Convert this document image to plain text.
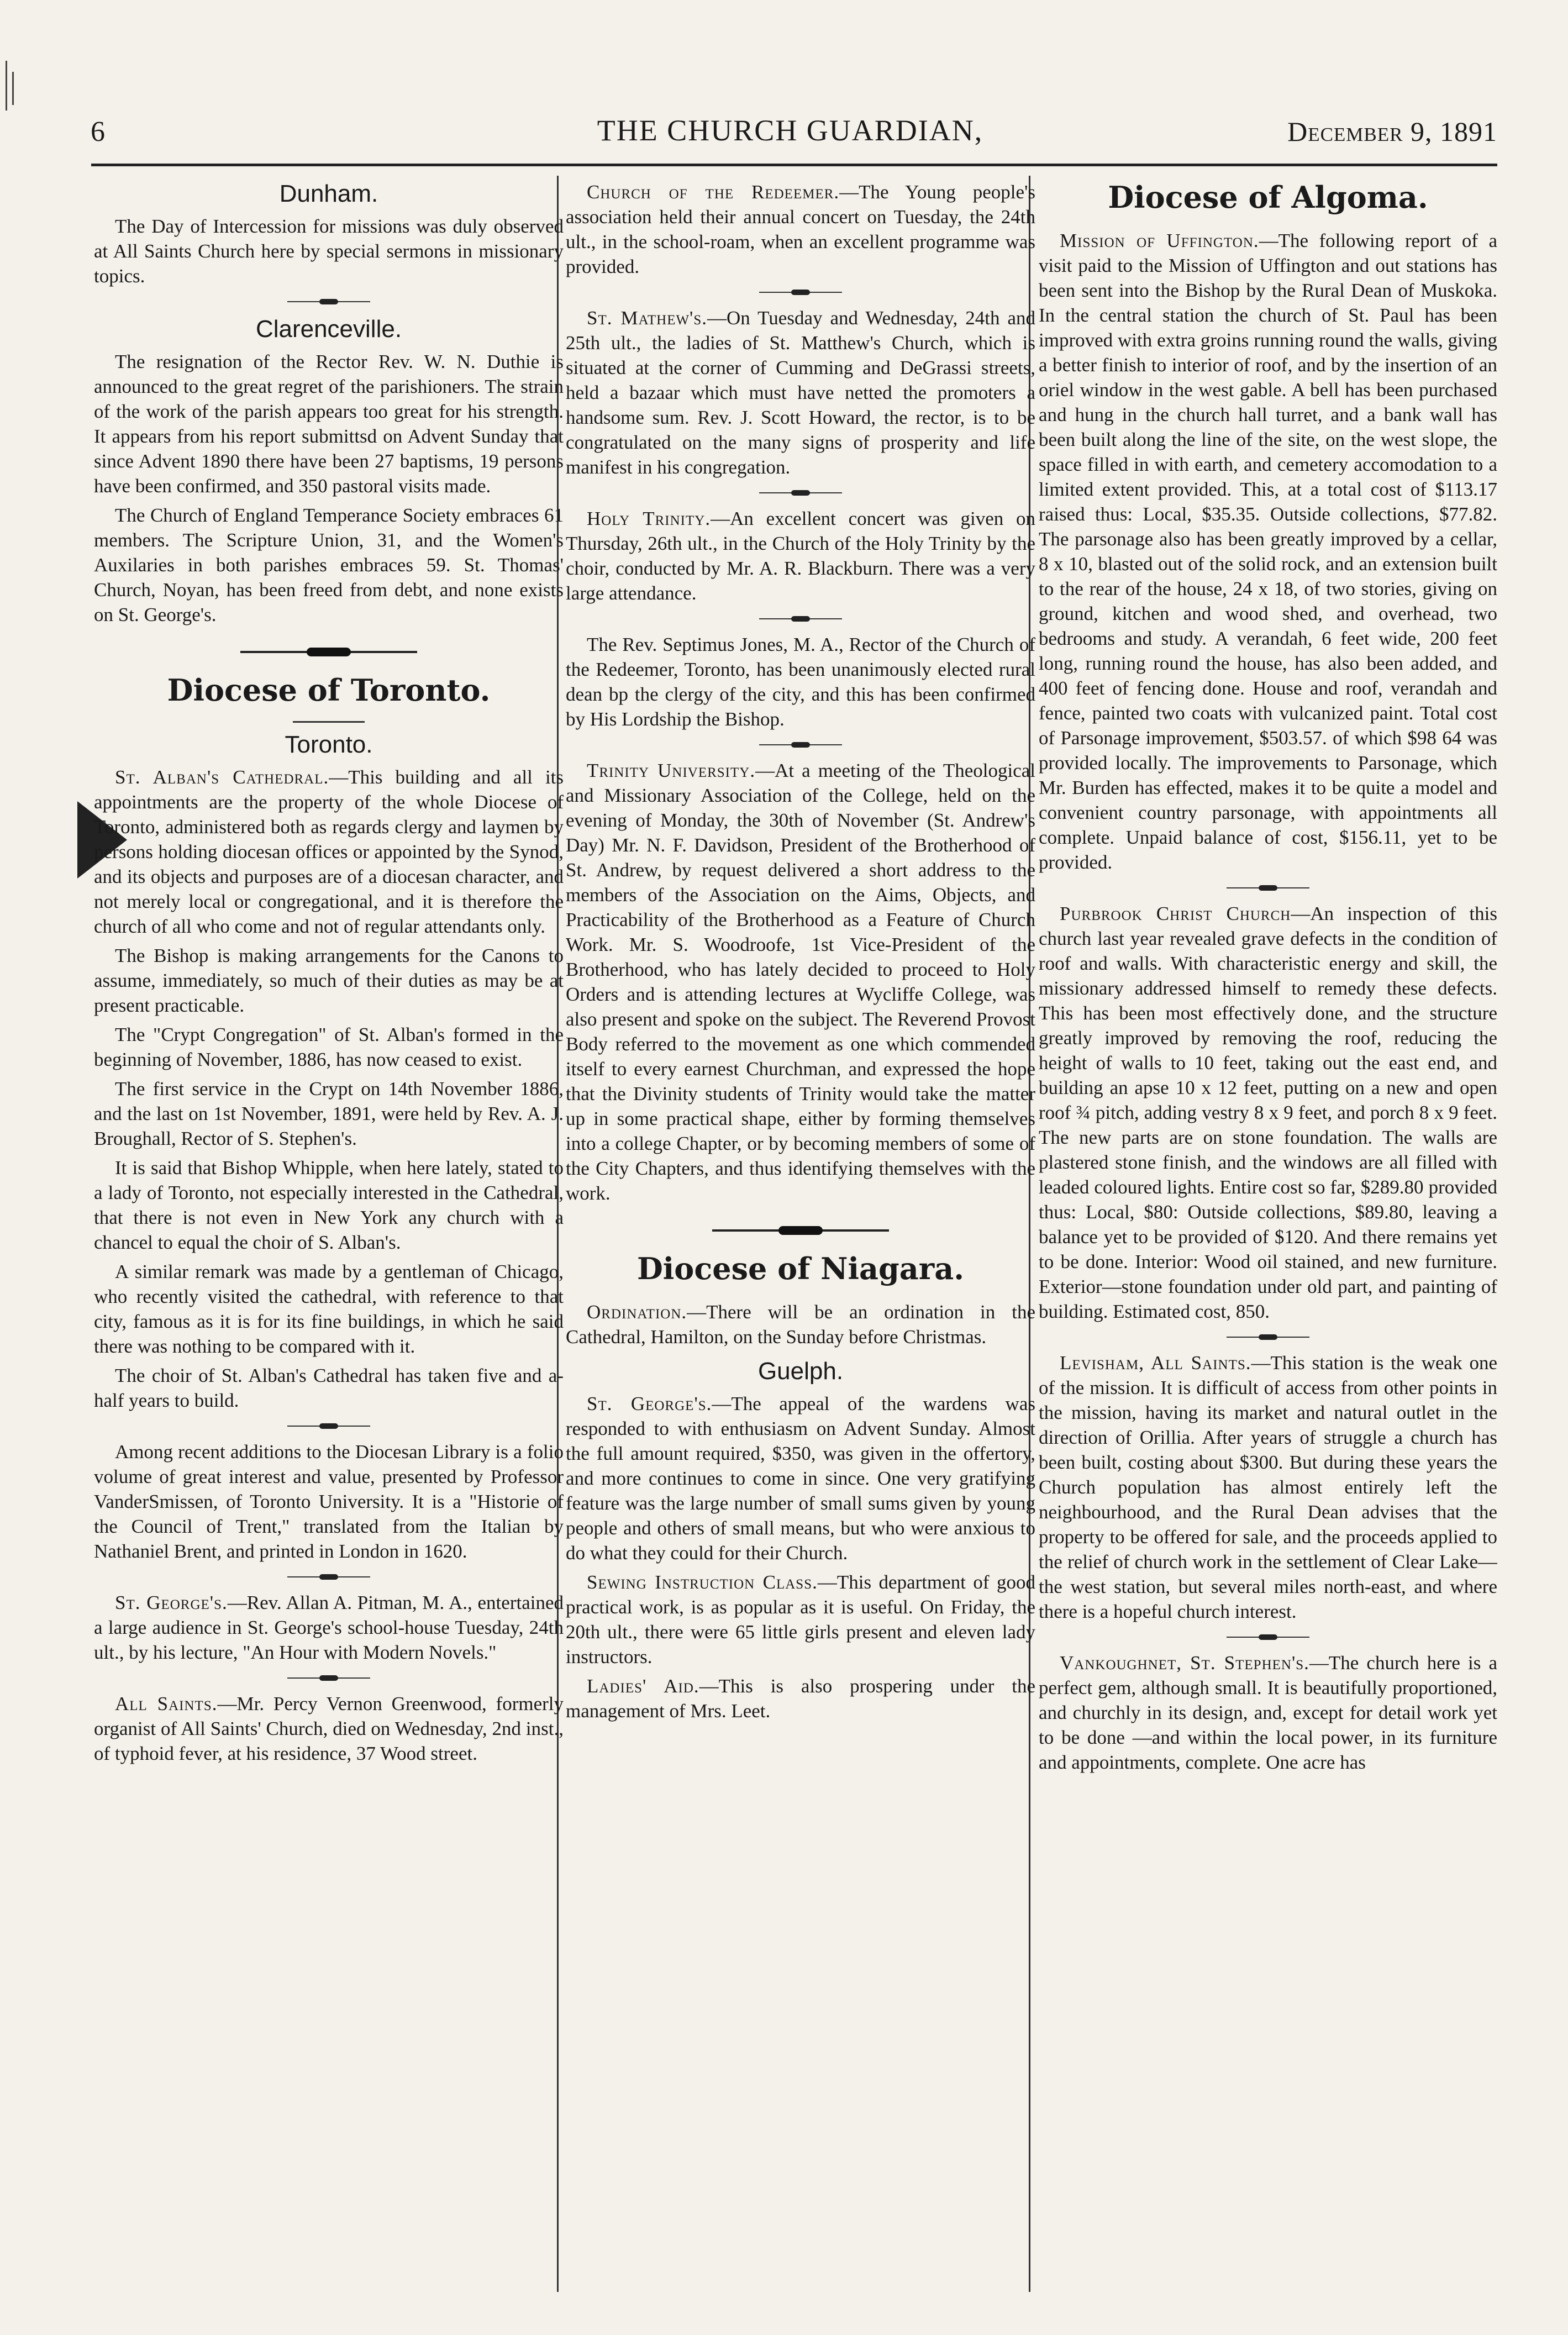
6	THE CHURCH GUARDIAN,	December 9, 1891
Dunham.

The Day of Intercession for missions was duly observed at All Saints Church here by special sermons in missionary topics.

Clarenceville.

The resignation of the Rector Rev. W. N. Duthie is announced to the great regret of the parishioners. The strain of the work of the parish appears too great for his strength. It appears from his report submittsd on Advent Sunday that since Advent 1890 there have been 27 baptisms, 19 persons have been confirmed, and 350 pastoral visits made.

The Church of England Temperance Society embraces 61 members. The Scripture Union, 31, and the Women's Auxilaries in both parishes embraces 59. St. Thomas' Church, Noyan, has been freed from debt, and none exists on St. George's.

Diocese of Toronto.
Toronto.

St. Alban's Cathedral.—This building and all its appointments are the property of the whole Diocese of Toronto, administered both as regards clergy and laymen by persons holding diocesan offices or appointed by the Synod, and its objects and purposes are of a diocesan character, and not merely local or congregational, and it is therefore the church of all who come and not of regular attendants only.

The Bishop is making arrangements for the Canons to assume, immediately, so much of their duties as may be at present practicable.

The "Crypt Congregation" of St. Alban's formed in the beginning of November, 1886, has now ceased to exist.

The first service in the Crypt on 14th November 1886, and the last on 1st November, 1891, were held by Rev. A. J. Broughall, Rector of S. Stephen's.

It is said that Bishop Whipple, when here lately, stated to a lady of Toronto, not especially interested in the Cathedral, that there is not even in New York any church with a chancel to equal the choir of S. Alban's.

A similar remark was made by a gentleman of Chicago, who recently visited the cathedral, with reference to that city, famous as it is for its fine buildings, in which he said there was nothing to be compared with it.

The choir of St. Alban's Cathedral has taken five and a-half years to build.

Among recent additions to the Diocesan Library is a folio volume of great interest and value, presented by Professor VanderSmissen, of Toronto University. It is a "Historie of the Council of Trent," translated from the Italian by Nathaniel Brent, and printed in London in 1620.

St. George's.—Rev. Allan A. Pitman, M. A., entertained a large audience in St. George's school-house Tuesday, 24th ult., by his lecture, "An Hour with Modern Novels."

All Saints.—Mr. Percy Vernon Greenwood, formerly organist of All Saints' Church, died on Wednesday, 2nd inst., of typhoid fever, at his residence, 37 Wood street.

Church of the Redeemer.—The Young people's association held their annual concert on Tuesday, the 24th ult., in the school-roam, when an excellent programme was provided.

St. Mathew's.—On Tuesday and Wednesday, 24th and 25th ult., the ladies of St. Matthew's Church, which is situated at the corner of Cumming and DeGrassi streets, held a bazaar which must have netted the promoters a handsome sum. Rev. J. Scott Howard, the rector, is to be congratulated on the many signs of prosperity and life manifest in his congregation.

Holy Trinity.—An excellent concert was given on Thursday, 26th ult., in the Church of the Holy Trinity by the choir, conducted by Mr. A. R. Blackburn. There was a very large attendance.

The Rev. Septimus Jones, M. A., Rector of the Church of the Redeemer, Toronto, has been unanimously elected rural dean bp the clergy of the city, and this has been confirmed by His Lordship the Bishop.

Trinity University.—At a meeting of the Theological and Missionary Association of the College, held on the evening of Monday, the 30th of November (St. Andrew's Day) Mr. N. F. Davidson, President of the Brotherhood of St. Andrew, by request delivered a short address to the members of the Association on the Aims, Objects, and Practicability of the Brotherhood as a Feature of Church Work. Mr. S. Woodroofe, 1st Vice-President of the Brotherhood, who has lately decided to proceed to Holy Orders and is attending lectures at Wycliffe College, was also present and spoke on the subject. The Reverend Provost Body referred to the movement as one which commended itself to every earnest Churchman, and expressed the hope that the Divinity students of Trinity would take the matter up in some practical shape, either by forming themselves into a college Chapter, or by becoming members of some of the City Chapters, and thus identifying themselves with the work.

Diocese of Niagara.

Ordination.—There will be an ordination in the Cathedral, Hamilton, on the Sunday before Christmas.

Guelph.

St. George's.—The appeal of the wardens was responded to with enthusiasm on Advent Sunday. Almost the full amount required, $350, was given in the offertory, and more continues to come in since. One very gratifying feature was the large number of small sums given by young people and others of small means, but who were anxious to do what they could for their Church.

Sewing Instruction Class.—This department of good practical work, is as popular as it is useful. On Friday, the 20th ult., there were 65 little girls present and eleven lady instructors.

Ladies' Aid.—This is also prospering under the management of Mrs. Leet.

Diocese of Algoma.

Mission of Uffington.—The following report of a visit paid to the Mission of Uffington and out stations has been sent into the Bishop by the Rural Dean of Muskoka. In the central station the church of St. Paul has been improved with extra groins running round the walls, giving a better finish to interior of roof, and by the insertion of an oriel window in the west gable. A bell has been purchased and hung in the church hall turret, and a bank wall has been built along the line of the site, on the west slope, the space filled in with earth, and cemetery accomodation to a limited extent provided. This, at a total cost of $113.17 raised thus: Local, $35.35. Outside collections, $77.82. The parsonage also has been greatly improved by a cellar, 8 x 10, blasted out of the solid rock, and an extension built to the rear of the house, 24 x 18, of two stories, giving on ground, kitchen and wood shed, and overhead, two bedrooms and study. A verandah, 6 feet wide, 200 feet long, running round the house, has also been added, and 400 feet of fencing done. House and roof, verandah and fence, painted two coats with vulcanized paint. Total cost of Parsonage improvement, $503.57. of which $98 64 was provided locally. The improvements to Parsonage, which Mr. Burden has effected, makes it to be quite a model and convenient country parsonage, with appointments all complete. Unpaid balance of cost, $156.11, yet to be provided.

Purbrook Christ Church—An inspection of this church last year revealed grave defects in the condition of roof and walls. With characteristic energy and skill, the missionary addressed himself to remedy these defects. This has been most effectively done, and the structure greatly improved by removing the roof, reducing the height of walls to 10 feet, taking out the east end, and building an apse 10 x 12 feet, putting on a new and open roof ¾ pitch, adding vestry 8 x 9 feet, and porch 8 x 9 feet. The new parts are on stone foundation. The walls are plastered stone finish, and the windows are all filled with leaded coloured lights. Entire cost so far, $289.80 provided thus: Local, $80: Outside collections, $89.80, leaving a balance yet to be provided of $120. And there remains yet to be done. Interior: Wood oil stained, and new furniture. Exterior—stone foundation under old part, and painting of building. Estimated cost, 850.

Levisham, All Saints.—This station is the weak one of the mission. It is difficult of access from other points in the mission, having its market and natural outlet in the direction of Orillia. After years of struggle a church has been built, costing about $300. But during these years the Church population has almost entirely left the neighbourhood, and the Rural Dean advises that the property to be offered for sale, and the proceeds applied to the relief of church work in the settlement of Clear Lake—the west station, but several miles north-east, and where there is a hopeful church interest.

Vankoughnet, St. Stephen's.—The church here is a perfect gem, although small. It is beautifully proportioned, and churchly in its design, and, except for detail work yet to be done —and within the local power, in its furniture and appointments, complete. One acre has
